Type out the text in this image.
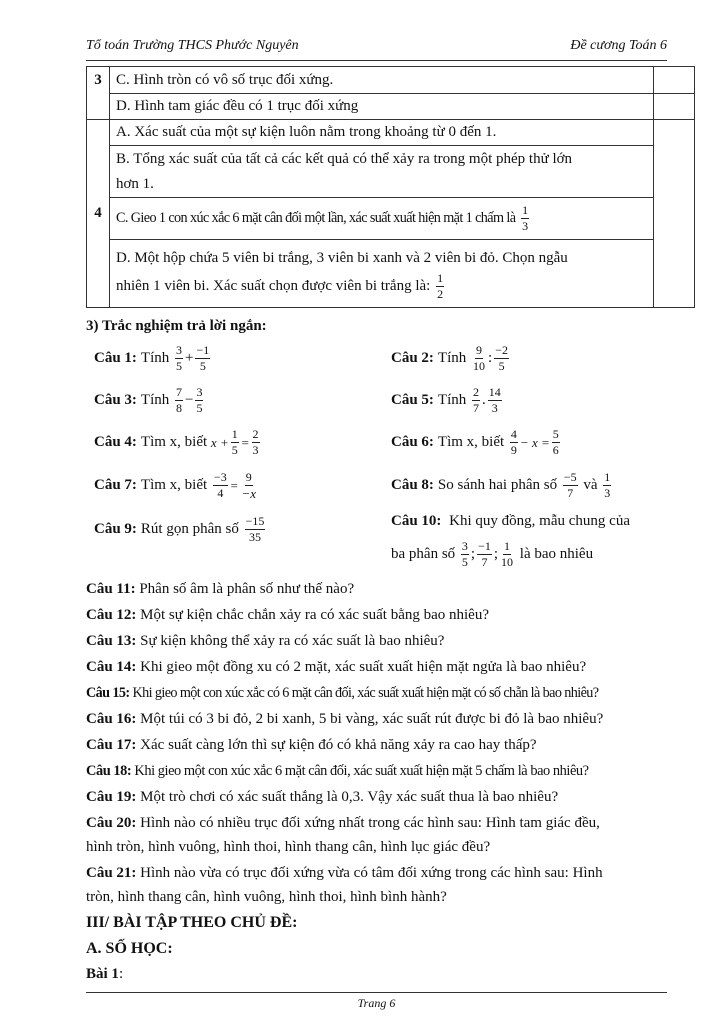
Tổ toán Trường THCS Phước Nguyên	Đề cương Toán 6

3	C. Hình tròn có vô số trục đối xứng.	
	D. Hình tam giác đều có 1 trục đối xứng	
4	A. Xác suất của một sự kiện luôn nằm trong khoảng từ 0 đến 1.	

	B. Tổng xác suất của tất cả các kết quả có thể xảy ra trong một phép thử lớn
hơn 1.	

	C. Gieo 1 con xúc xắc 6 mặt cân đối một lần, xác suất xuất hiện mặt 1 chấm là $\frac{1}{3}$

	D. Một hộp chứa 5 viên bi trắng, 3 viên bi xanh và 2 viên bi đỏ. Chọn ngẫu
nhiên 1 viên bi. Xác suất chọn được viên bi trắng là: $\frac{1}{2}$
3) Trắc nghiệm trả lời ngắn:
Câu 1: Tính
$\frac{3}{5} + \frac{-1}{5}$	Câu 2: Tính
$\frac{9}{10}$ : $\frac{-2}{5}$
Câu 3: Tính
$\frac{7}{8} - \frac{3}{5}$	Câu 5: Tính
$\frac{2}{7}$ . $\frac{14}{3}$
Câu 4: Tìm x, biết
$x + \frac{1}{5} = \frac{2}{3}$	Câu 6: Tìm x, biết
$\frac{4}{9} - x = \frac{5}{6}$
Câu 7: Tìm x, biết
$\frac{-3}{4} = \frac{9}{-x}$	Câu 8: So sánh hai phân số
$\frac{-5}{7}$
và
$\frac{1}{3}$
Câu 9: Rút gọn phân số
$\frac{-15}{35}$	Câu 10:
Khi quy đồng, mẫu chung của
ba phân số
$\frac{3}{5}$ ; $\frac{-1}{7}$ ; $\frac{1}{10}$
là bao nhiêu
Câu 11: Phân số âm là phân số như thế nào?
Câu 12: Một sự kiện chắc chắn xảy ra có xác suất bằng bao nhiêu?
Câu 13: Sự kiện không thể xảy ra có xác suất là bao nhiêu?
Câu 14: Khi gieo một đồng xu có 2 mặt, xác suất xuất hiện mặt ngửa là bao nhiêu?
Câu 15: Khi gieo một con xúc xắc có 6 mặt cân đối, xác suất xuất hiện mặt có số chẵn là bao nhiêu?
Câu 16: Một túi có 3 bi đỏ, 2 bi xanh, 5 bi vàng, xác suất rút được bi đỏ là bao nhiêu?
Câu 17: Xác suất càng lớn thì sự kiện đó có khả năng xảy ra cao hay thấp?
Câu 18: Khi gieo một con xúc xắc 6 mặt cân đối, xác suất xuất hiện mặt 5 chấm là bao nhiêu?
Câu 19: Một trò chơi có xác suất thắng là 0,3. Vậy xác suất thua là bao nhiêu?
Câu 20: Hình nào có nhiều trục đối xứng nhất trong các hình sau: Hình tam giác đều,
hình tròn, hình vuông, hình thoi, hình thang cân, hình lục giác đều?
Câu 21: Hình nào vừa có trục đối xứng vừa có tâm đối xứng trong các hình sau: Hình
tròn, hình thang cân, hình vuông, hình thoi, hình bình hành?
III/ BÀI TẬP THEO CHỦ ĐỀ:
A. SỐ HỌC:
Bài 1:
Trang 6
